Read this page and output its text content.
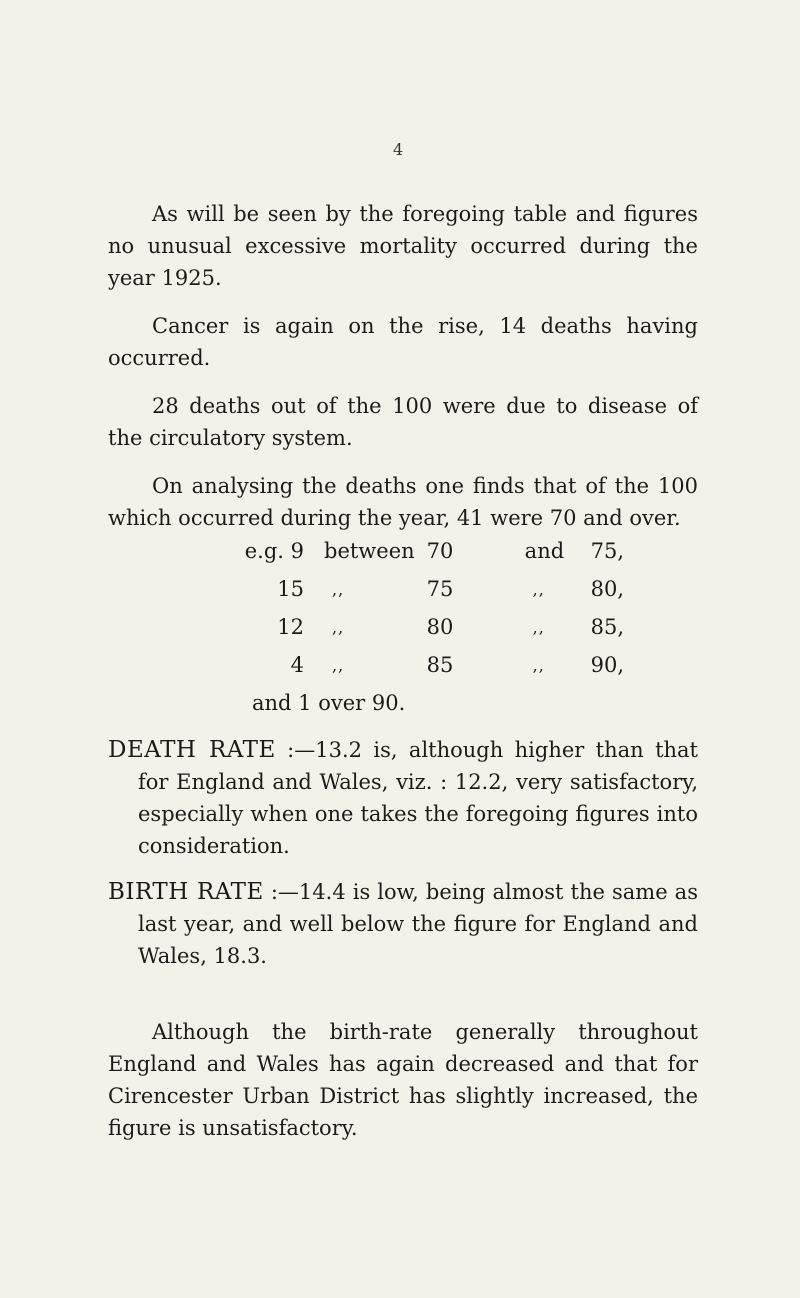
4

As will be seen by the foregoing table and figures no unusual excessive mortality occurred during the year 1925.

Cancer is again on the rise, 14 deaths having occurred.

28 deaths out of the 100 were due to disease of the circulatory system.

On analysing the deaths one finds that of the 100 which occurred during the year, 41 were 70 and over.

e.g. 9	between	70	and	75,
15	,,	75	,,	80,
12	,,	80	,,	85,
4	,,	85	,,	90,
and 1 over 90.				

DEATH RATE :—13.2 is, although higher than that for England and Wales, viz. : 12.2, very satisfactory, especially when one takes the foregoing figures into consideration.

BIRTH RATE :—14.4 is low, being almost the same as last year, and well below the figure for England and Wales, 18.3.

Although the birth-rate generally throughout England and Wales has again decreased and that for Cirencester Urban District has slightly increased, the figure is unsatisfactory.
